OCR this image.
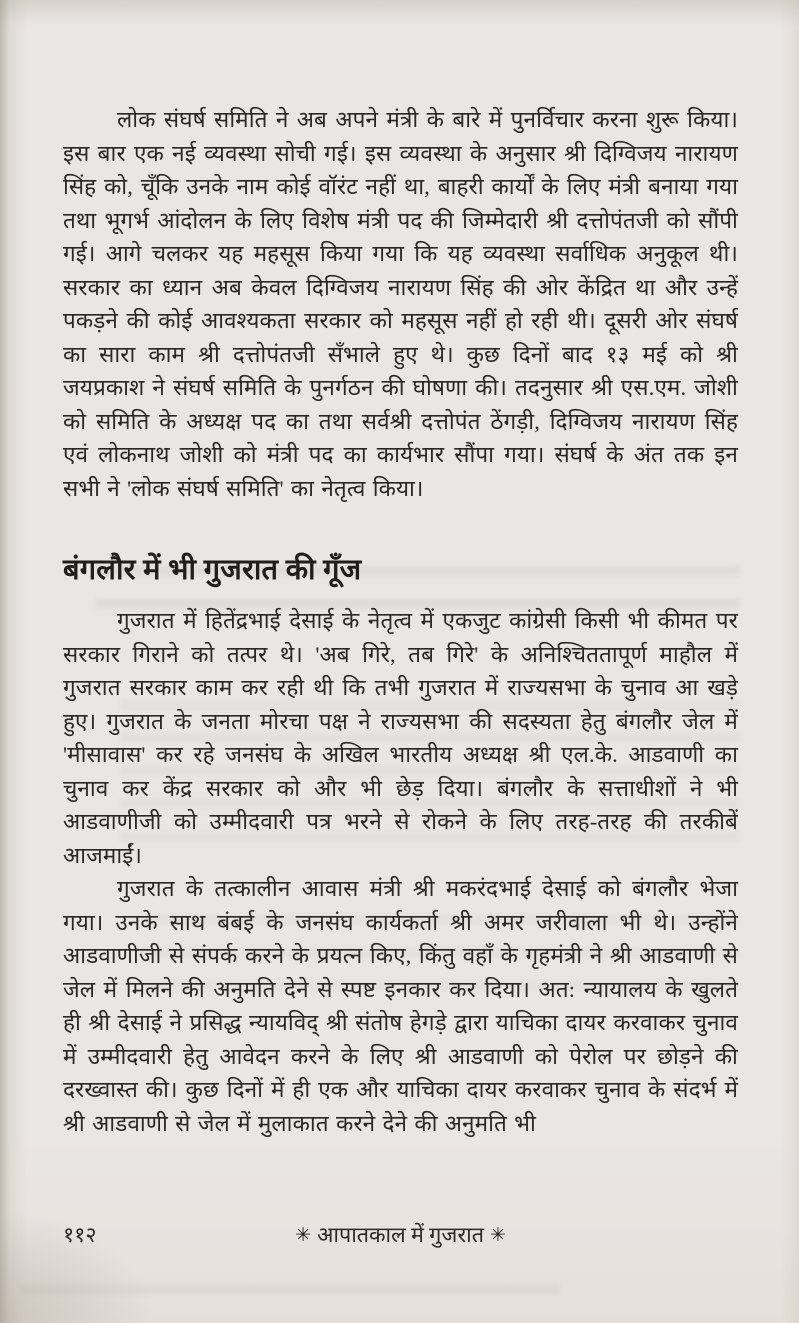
लोक संघर्ष समिति ने अब अपने मंत्री के बारे में पुनर्विचार करना शुरू किया। इस बार एक नई व्यवस्था सोची गई। इस व्यवस्था के अनुसार श्री दिग्विजय नारायण सिंह को, चूँकि उनके नाम कोई वॉरंट नहीं था, बाहरी कार्यों के लिए मंत्री बनाया गया तथा भूगर्भ आंदोलन के लिए विशेष मंत्री पद की जिम्मेदारी श्री दत्तोपंतजी को सौंपी गई। आगे चलकर यह महसूस किया गया कि यह व्यवस्था सर्वाधिक अनुकूल थी। सरकार का ध्यान अब केवल दिग्विजय नारायण सिंह की ओर केंद्रित था और उन्हें पकड़ने की कोई आवश्यकता सरकार को महसूस नहीं हो रही थी। दूसरी ओर संघर्ष का सारा काम श्री दत्तोपंतजी सँभाले हुए थे। कुछ दिनों बाद १३ मई को श्री जयप्रकाश ने संघर्ष समिति के पुनर्गठन की घोषणा की। तदनुसार श्री एस.एम. जोशी को समिति के अध्यक्ष पद का तथा सर्वश्री दत्तोपंत ठेंगड़ी, दिग्विजय नारायण सिंह एवं लोकनाथ जोशी को मंत्री पद का कार्यभार सौंपा गया। संघर्ष के अंत तक इन सभी ने 'लोक संघर्ष समिति' का नेतृत्व किया।

बंगलौर में भी गुजरात की गूँज

गुजरात में हितेंद्रभाई देसाई के नेतृत्व में एकजुट कांग्रेसी किसी भी कीमत पर सरकार गिराने को तत्पर थे। 'अब गिरे, तब गिरे' के अनिश्चिततापूर्ण माहौल में गुजरात सरकार काम कर रही थी कि तभी गुजरात में राज्यसभा के चुनाव आ खड़े हुए। गुजरात के जनता मोरचा पक्ष ने राज्यसभा की सदस्यता हेतु बंगलौर जेल में 'मीसावास' कर रहे जनसंघ के अखिल भारतीय अध्यक्ष श्री एल.के. आडवाणी का चुनाव कर केंद्र सरकार को और भी छेड़ दिया। बंगलौर के सत्ताधीशों ने भी आडवाणीजी को उम्मीदवारी पत्र भरने से रोकने के लिए तरह-तरह की तरकीबें आजमाईं।

गुजरात के तत्कालीन आवास मंत्री श्री मकरंदभाई देसाई को बंगलौर भेजा गया। उनके साथ बंबई के जनसंघ कार्यकर्ता श्री अमर जरीवाला भी थे। उन्होंने आडवाणीजी से संपर्क करने के प्रयत्न किए, किंतु वहाँ के गृहमंत्री ने श्री आडवाणी से जेल में मिलने की अनुमति देने से स्पष्ट इनकार कर दिया। अत: न्यायालय के खुलते ही श्री देसाई ने प्रसिद्ध न्यायविद् श्री संतोष हेगड़े द्वारा याचिका दायर करवाकर चुनाव में उम्मीदवारी हेतु आवेदन करने के लिए श्री आडवाणी को पेरोल पर छोड़ने की दरख्वास्त की। कुछ दिनों में ही एक और याचिका दायर करवाकर चुनाव के संदर्भ में श्री आडवाणी से जेल में मुलाकात करने देने की अनुमति भी

११२	✳ आपातकाल में गुजरात ✳
